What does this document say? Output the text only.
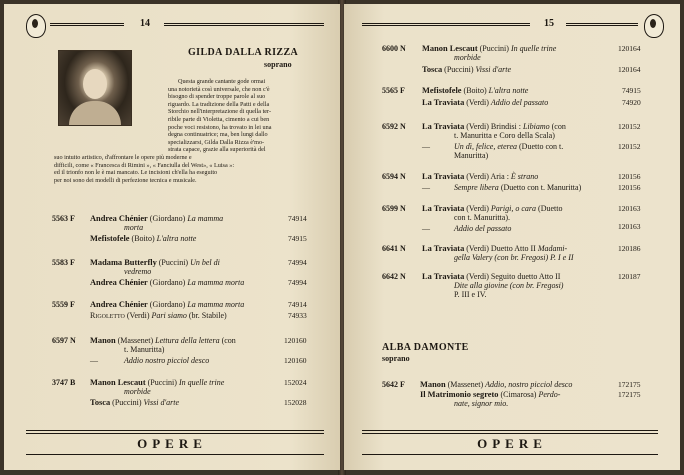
14
GILDA DALLA RIZZA
soprano
Questa grande cantante gode ormai
una notorietà così universale, che non c'è
bisogno di spender troppe parole al suo
riguardo. La tradizione della Patti e della
Storchio nell'interpretazione di quella ter-
ribile parte di Violetta, cimento a cui ben
poche voci resistono, ha trovato in lei una
degna continuatrice; ma, ben lungi dallo
specializzarsi, Gilda Dalla Rizza è'mo-
strata capace, grazie alla superiorità del
suo intuito artistico, d'affrontare le opere più moderne e
difficili, come « Francesca di Rimini », « Fanciulla del West», « Luisa »:
ed il trionfo non le è mai mancato. Le incisioni ch'ella ha eseguito
per noi sono dei modelli di perfezione tecnica e musicale.
5563 F Andrea Chénier (Giordano) La mamma	74914
morta
Mefistofele (Boito) L'altra notte	74915
5583 F Madama Butterfly (Puccini) Un bel di	74994
vedremo
Andrea Chénier (Giordano) La mamma morta	74994
5559 F Andrea Chénier (Giordano) La mamma morta	74914
Rigoletto (Verdi) Pari siamo (br. Stabile)	74933
6597 N Manon (Massenet) Lettura della lettera (con	120160
t. Manuritta)
—	Addio nostro picciol desco	120160
3747 B Manon Lescaut (Puccini) In quelle trine	152024
morbide
Tosca (Puccini) Vissi d'arte	152028
OPERE
15
6600 N Manon Lescaut (Puccini) In quelle trine	120164
morbide
Tosca (Puccini) Vissi d'arte	120164
5565 F Mefistofele (Boito) L'altra notte	74915
La Traviata (Verdi) Addio del passato	74920
6592 N La Traviata (Verdi) Brindisi : Libiamo (con	120152
t. Manuritta e Coro della Scala)
—	Un dì, felice, eterea (Duetto con t.	120152
Manuritta)
6594 N La Traviata (Verdi) Aria : È strano	120156
—	Sempre libera (Duetto con t. Manuritta)	120156
6599 N La Traviata (Verdi) Parigi, o cara (Duetto	120163
con t. Manuritta).
—	Addio del passato	120163
6641 N La Traviata (Verdi) Duetto Atto II Madami-	120186
gella Valery (con br. Fregosi) P. I e II
6642 N La Traviata (Verdi) Seguito duetto Atto II	120187
Dite alla giovine (con br. Fregosi)
P. III e IV.
ALBA DAMONTE
soprano
5642 F Manon (Massenet) Addio, nostro picciol desco	172175
Il Matrimonio segreto (Cimarosa) Perdo-	172175
nate, signor mio.
OPERE
